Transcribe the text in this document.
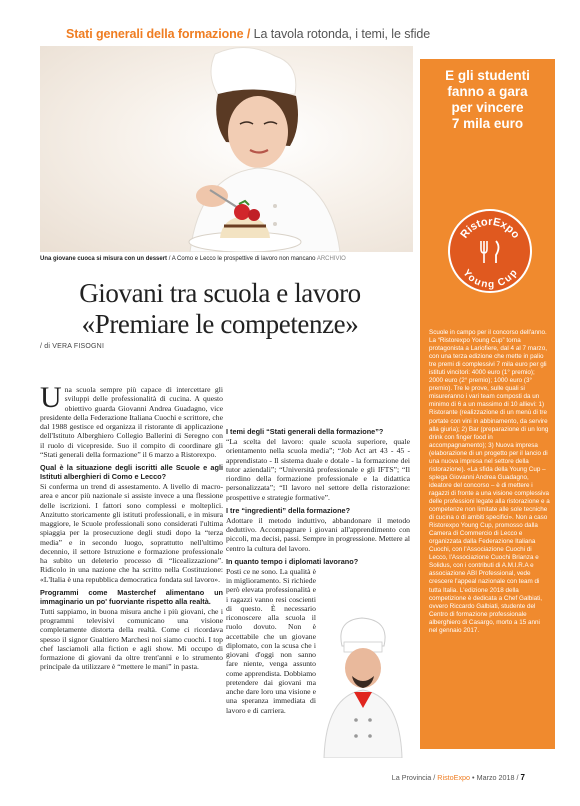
Stati generali della formazione / La tavola rotonda, i temi, le sfide
Una giovane cuoca si misura con un dessert / A Como e Lecco le prospettive di lavoro non mancano ARCHIVIO
E gli studenti
fanno a gara
per vincere
7 mila euro
RistorExpo
Young Cup
Scuole in campo per il concorso dell'anno. La “Ristorexpo Young Cup” torna protagonista a Lariofiere, dal 4 al 7 marzo, con una terza edizione che mette in palio tre premi di complessivi 7 mila euro per gli istituti vincitori: 4000 euro (1° premio); 2000 euro (2° premio); 1000 euro (3° premio). Tre le prove, sulle quali si misureranno i vari team composti da un minimo di 6 a un massimo di 10 allievi: 1) Ristorante (realizzazione di un menù di tre portate con vini in abbinamento, da servire alla giuria); 2) Bar (preparazione di un long drink con finger food in accompagnamento); 3) Nuova impresa (elaborazione di un progetto per il lancio di una nuova impresa nel settore della ristorazione). «La sfida della Young Cup – spiega Giovanni Andrea Guadagno, ideatore del concorso – è di mettere i ragazzi di fronte a una visione complessiva delle professioni legate alla ristorazione e a competenze non limitate alle sole tecniche di cucina o di ambiti specifici». Non a caso Ristorexpo Young Cup, promosso dalla Camera di Commercio di Lecco e organizzata dalla Federazione Italiana Cuochi, con l'Associazione Cuochi di Lecco, l'Associazione Cuochi Brianza e Solidus, con i contributi di A.M.I.R.A e associazione ABI Professional, vede crescere l'appeal nazionale con team di tutta Italia. L'edizione 2018 della competizione è dedicata a Chef Galbiati, ovvero Riccardo Galbiati, studente del Centro di formazione professionale alberghiero di Casargo, morto a 15 anni nel gennaio 2017.
Giovani tra scuola e lavoro
«Premiare le competenze»
/ di VERA FISOGNI

Una scuola sempre più capace di intercettare gli sviluppi delle professionalità di cucina. A questo obiettivo guarda Giovanni Andrea Guadagno, vice presidente della Federazione Italiana Cuochi e scrittore, che dal 1988 gestisce ed organizza il ristorante di applicazione dell'Istituto Alberghiero Collegio Ballerini di Seregno con il ruolo di vicepreside. Suo il compito di coordinare gli “Stati generali della formazione” il 6 marzo a Ristorexpo.

Qual è la situazione degli iscritti alle Scuole e agli Istituti alberghieri di Como e Lecco?

Si conferma un trend di assestamento. A livello di macro-area e ancor più nazionale si assiste invece a una flessione delle iscrizioni. I fattori sono complessi e molteplici. Anzitutto storicamente gli istituti professionali, e in misura maggiore, le Scuole professionali sono considerati l'ultima spiaggia per la prosecuzione degli studi dopo la “terza media” e in secondo luogo, soprattutto nell'ultimo decennio, il settore Istruzione e formazione professionale ha subito un deleterio processo di “licealizzazione”. Ridicolo in una nazione che ha scritto nella Costituzione: «L'Italia è una repubblica democratica fondata sul lavoro».

Programmi come Masterchef alimentano un immaginario un po' fuorviante rispetto alla realtà.

Tutti sappiamo, in buona misura anche i più giovani, che i programmi televisivi comunicano una visione completamente distorta della realtà. Come ci ricordava spesso il signor Gualtiero Marchesi noi siamo cuochi. I top chef lasciamoli alla fiction e agli show. Mi occupo di formazione di giovani da oltre trent'anni e lo strumento principale da utilizzare è “mettere le mani” in pasta.

I temi degli “Stati generali della formazione”?

“La scelta del lavoro: quale scuola superiore, quale orientamento nella scuola media”; “Job Act art 43 - 45 - apprendistato - Il sistema duale e dotale - la formazione dei tutor aziendali”; “Università professionale e gli IFTS”; “Il riordino della formazione professionale e la didattica personalizzata”; “Il lavoro nel settore della ristorazione: prospettive e strategie formative”.

I tre “ingredienti” della formazione?

Adottare il metodo induttivo, abbandonare il metodo deduttivo. Accompagnare i giovani all'apprendimento con piccoli, ma decisi, passi. Sempre in progressione. Mettere al centro la cultura del lavoro.

In quanto tempo i diplomati lavorano?

Posti ce ne sono. La qualità è in miglioramento. Si richiede però elevata professionalità e i ragazzi vanno resi coscienti di questo. È necessario riconoscere alla scuola il ruolo dovuto. Non è accettabile che un giovane diplomato, con la scusa che i giovani d'oggi non sanno fare niente, venga assunto come apprendista. Dobbiamo pretendere dai giovani ma anche dare loro una visione e una speranza immediata di lavoro e di carriera.

La Provincia / RistoExpo • Marzo 2018 / 7
